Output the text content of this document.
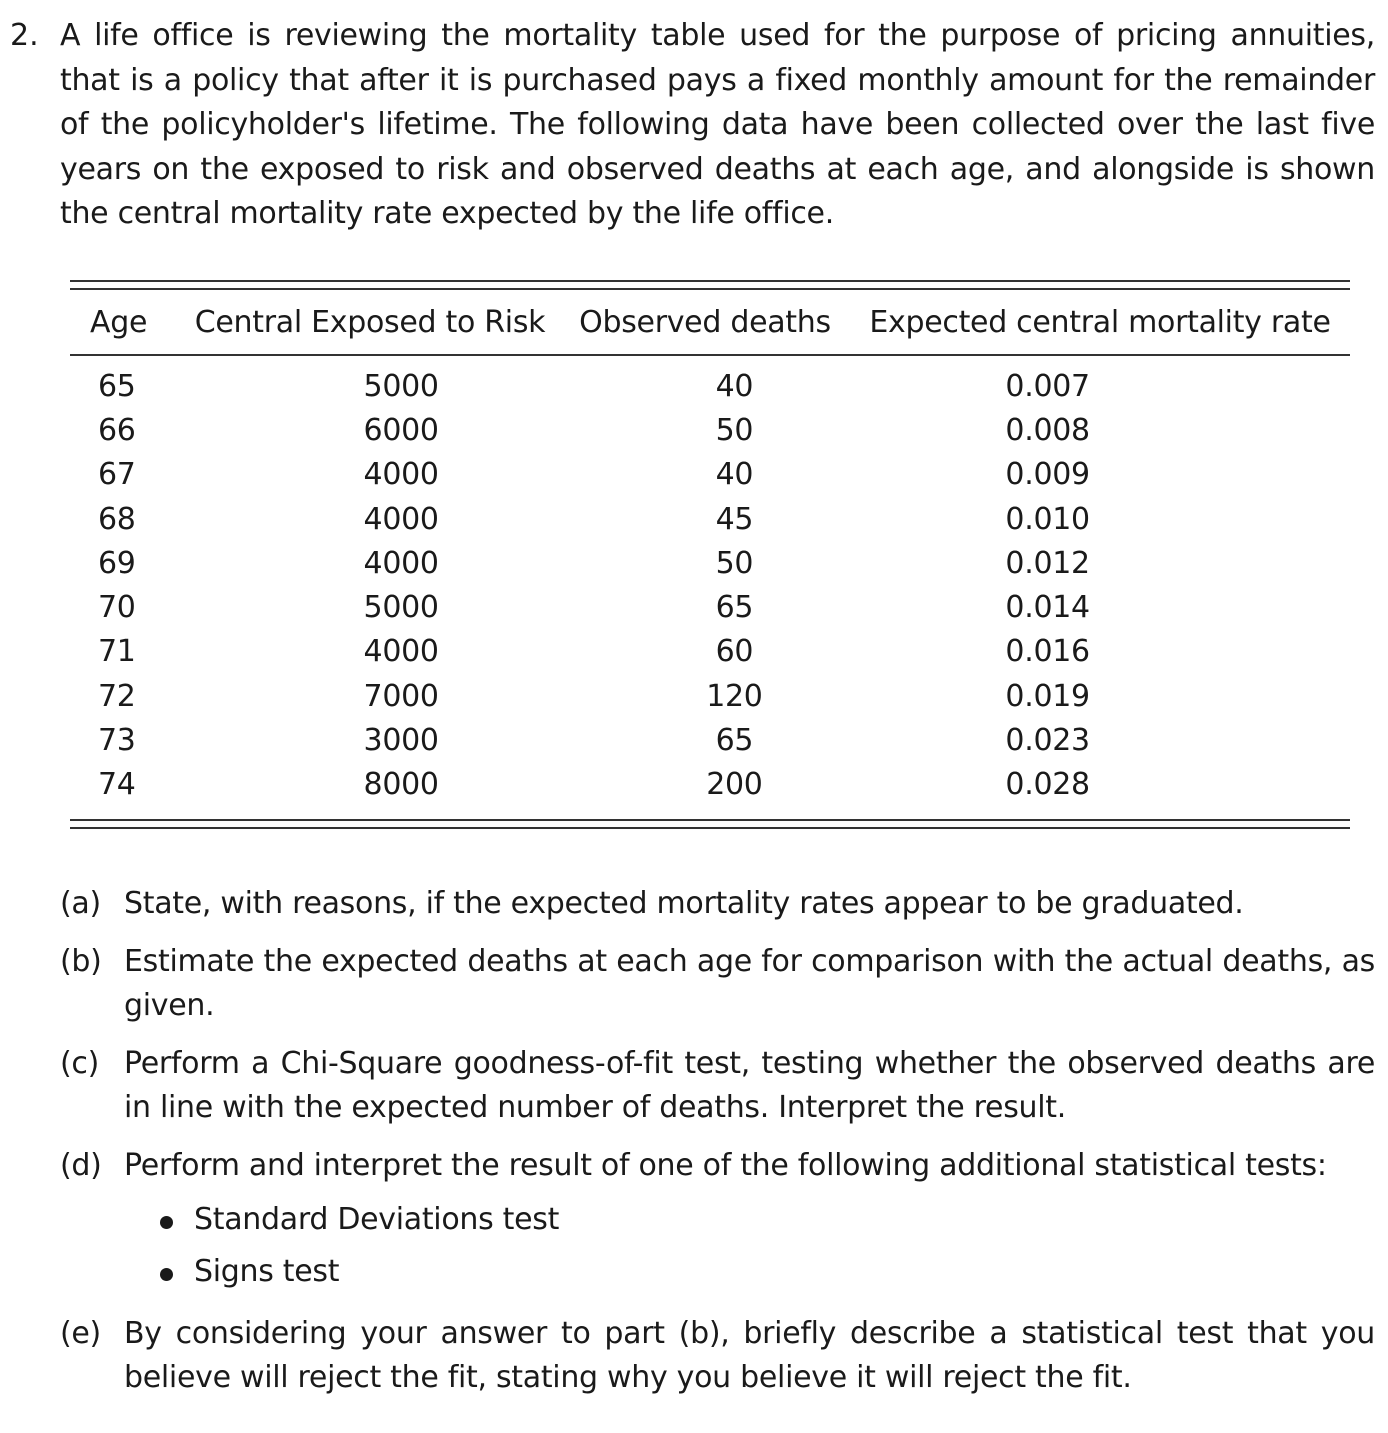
2. A life office is reviewing the mortality table used for the purpose of pricing annuities, that is a policy that after it is purchased pays a fixed monthly amount for the remainder of the policyholder's lifetime. The following data have been collected over the last five years on the exposed to risk and observed deaths at each age, and alongside is shown the central mortality rate expected by the life office.
Age	Central Exposed to Risk	Observed deaths	Expected central mortality rate
65	5000	40	0.007
66	6000	50	0.008
67	4000	40	0.009
68	4000	45	0.010
69	4000	50	0.012
70	5000	65	0.014
71	4000	60	0.016
72	7000	120	0.019
73	3000	65	0.023
74	8000	200	0.028
(a) State, with reasons, if the expected mortality rates appear to be graduated.
(b) Estimate the expected deaths at each age for comparison with the actual deaths, as given.
(c) Perform a Chi-Square goodness-of-fit test, testing whether the observed deaths are in line with the expected number of deaths. Interpret the result.
(d) Perform and interpret the result of one of the following additional statistical tests:
Standard Deviations test
Signs test
(e) By considering your answer to part (b), briefly describe a statistical test that you believe will reject the fit, stating why you believe it will reject the fit.
